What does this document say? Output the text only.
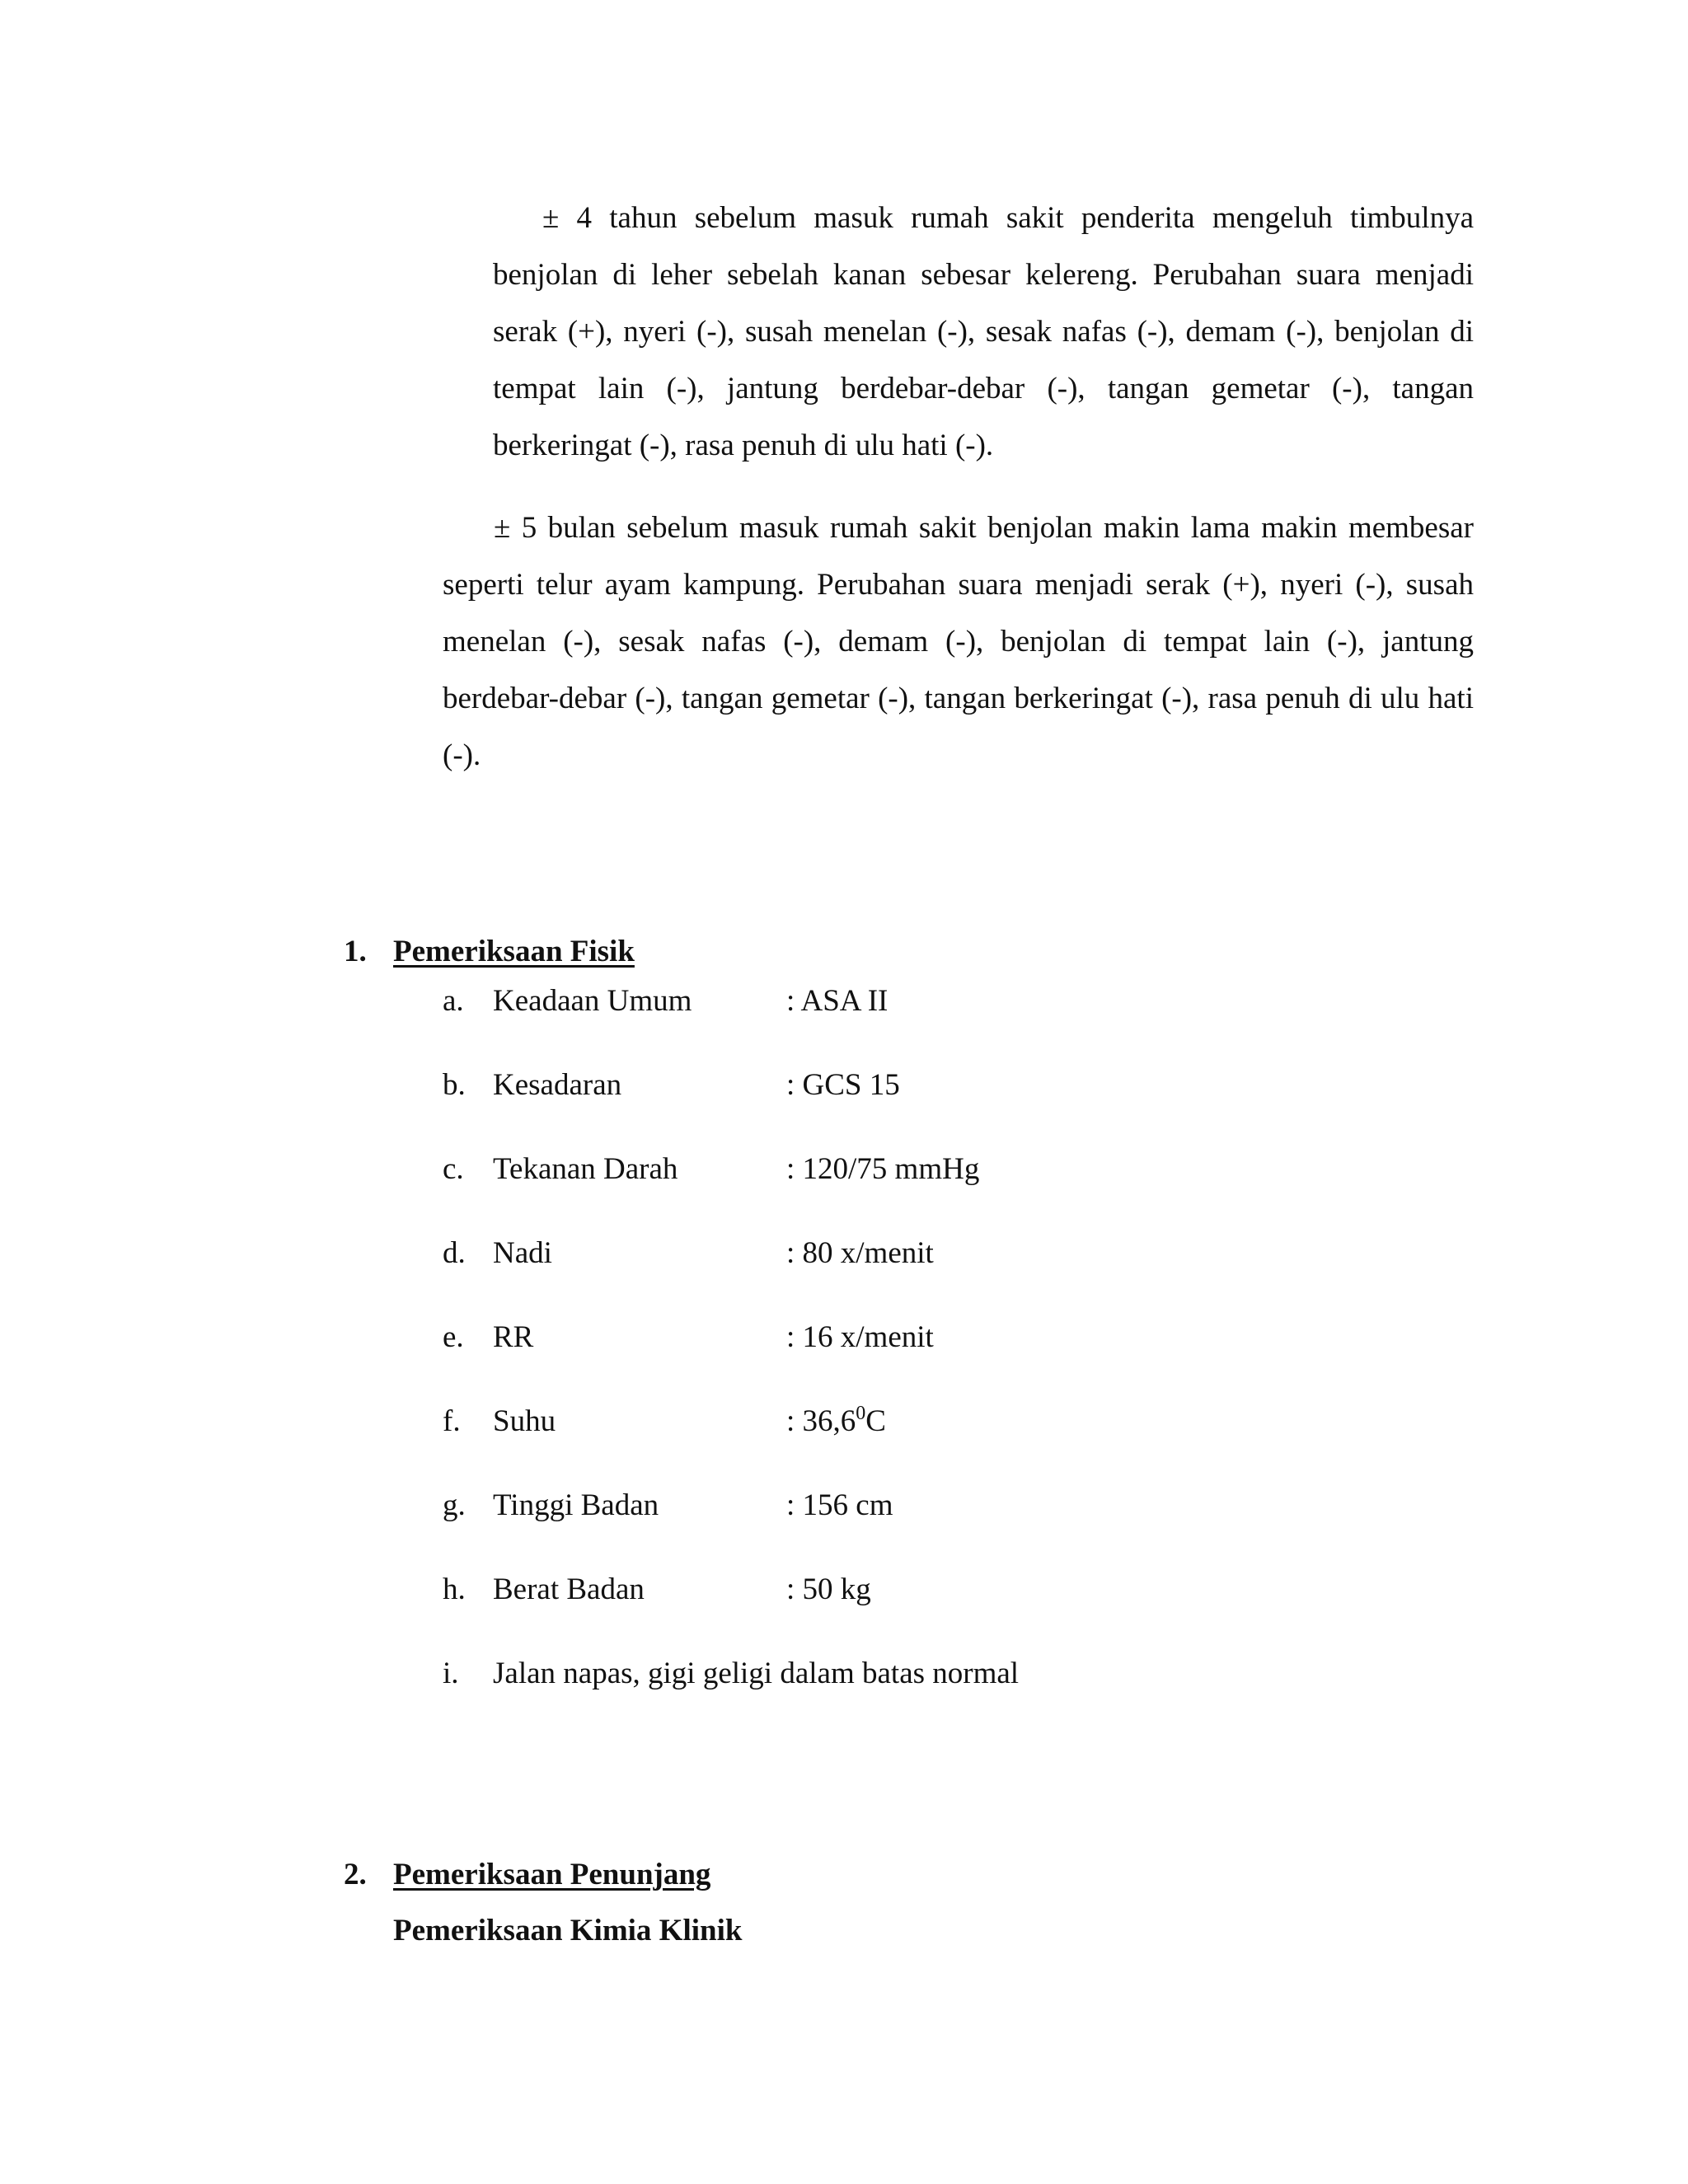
± 4 tahun sebelum masuk rumah sakit penderita mengeluh timbulnya benjolan di leher sebelah kanan sebesar kelereng. Perubahan suara menjadi serak (+), nyeri (-), susah menelan (-), sesak nafas (-), demam (-), benjolan di tempat lain (-), jantung berdebar-debar (-), tangan gemetar (-), tangan berkeringat (-), rasa penuh di ulu hati (-).

± 5 bulan sebelum masuk rumah sakit benjolan makin lama makin membesar seperti telur ayam kampung. Perubahan suara menjadi serak (+), nyeri (-), susah menelan (-), sesak nafas (-), demam (-), benjolan di tempat lain (-), jantung berdebar-debar (-), tangan gemetar (-), tangan berkeringat (-), rasa penuh di ulu hati (-).

1. Pemeriksaan Fisik
a. Keadaan Umum	: ASA II
b. Kesadaran	: GCS 15
c. Tekanan Darah	: 120/75 mmHg
d. Nadi	: 80 x/menit
e. RR	: 16 x/menit
f. Suhu	: 36,6$^0$C
g. Tinggi Badan	: 156 cm
h. Berat Badan	: 50 kg
i. Jalan napas, gigi geligi dalam batas normal
2. Pemeriksaan Penunjang
Pemeriksaan Kimia Klinik
